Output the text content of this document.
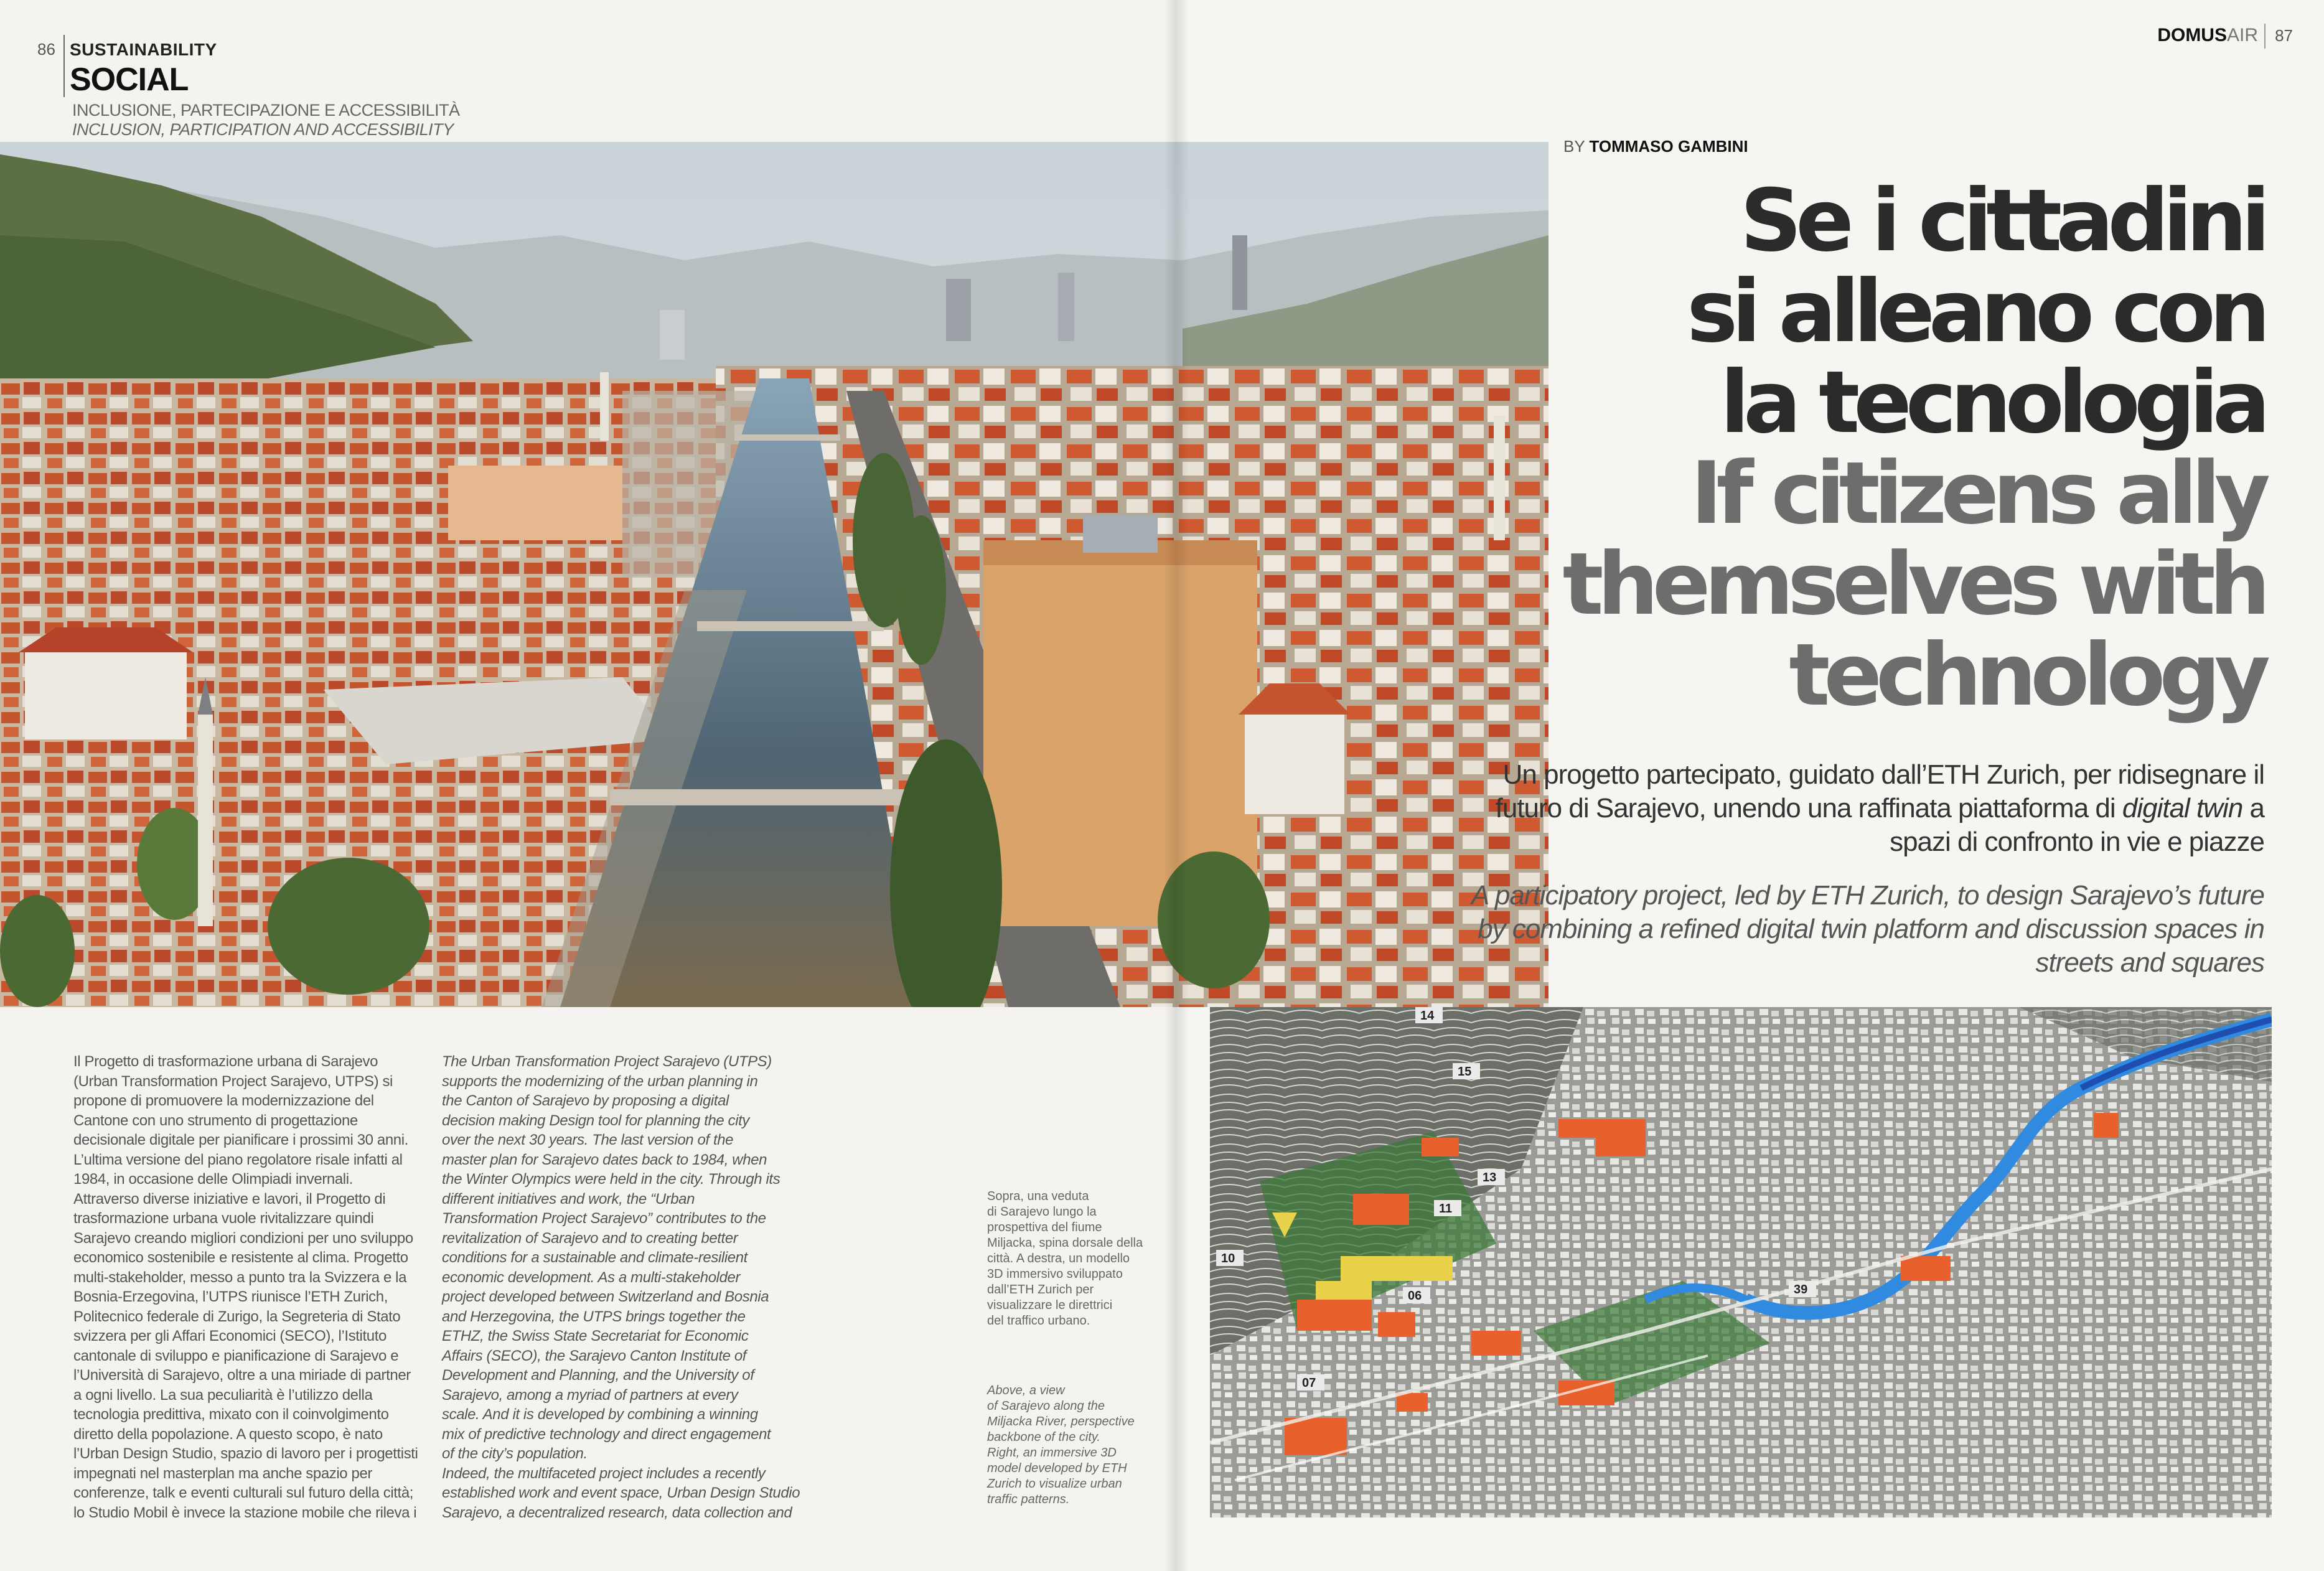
86 SUSTAINABILITY
SOCIAL
INCLUSIONE, PARTECIPAZIONE E ACCESSIBILITÀ
INCLUSION, PARTICIPATION AND ACCESSIBILITY
DOMUSAIR 87
BY TOMMASO GAMBINI
Se i cittadini
si alleano con
la tecnologia
If citizens ally
themselves with
technology
Un progetto partecipato, guidato dall’ETH Zurich, per ridisegnare il futuro di Sarajevo, unendo una raffinata piattaforma di digital twin a spazi di confronto in vie e piazze
A participatory project, led by ETH Zurich, to design Sarajevo’s future by combining a refined digital twin platform and discussion spaces in streets and squares
14
15
13
11
10
06
07
39
Il Progetto di trasformazione urbana di Sarajevo
(Urban Transformation Project Sarajevo, UTPS) si
propone di promuovere la modernizzazione del
Cantone con uno strumento di progettazione
decisionale digitale per pianificare i prossimi 30 anni.
L’ultima versione del piano regolatore risale infatti al
1984, in occasione delle Olimpiadi invernali.
Attraverso diverse iniziative e lavori, il Progetto di
trasformazione urbana vuole rivitalizzare quindi
Sarajevo creando migliori condizioni per uno sviluppo
economico sostenibile e resistente al clima. Progetto
multi-stakeholder, messo a punto tra la Svizzera e la
Bosnia-Erzegovina, l’UTPS riunisce l’ETH Zurich,
Politecnico federale di Zurigo, la Segreteria di Stato
svizzera per gli Affari Economici (SECO), l’Istituto
cantonale di sviluppo e pianificazione di Sarajevo e
l’Università di Sarajevo, oltre a una miriade di partner
a ogni livello. La sua peculiarità è l’utilizzo della
tecnologia predittiva, mixato con il coinvolgimento
diretto della popolazione. A questo scopo, è nato
l’Urban Design Studio, spazio di lavoro per i progettisti
impegnati nel masterplan ma anche spazio per
conferenze, talk e eventi culturali sul futuro della città;
lo Studio Mobil è invece la stazione mobile che rileva i
The Urban Transformation Project Sarajevo (UTPS)
supports the modernizing of the urban planning in
the Canton of Sarajevo by proposing a digital
decision making Design tool for planning the city
over the next 30 years. The last version of the
master plan for Sarajevo dates back to 1984, when
the Winter Olympics were held in the city. Through its
different initiatives and work, the “Urban
Transformation Project Sarajevo” contributes to the
revitalization of Sarajevo and to creating better
conditions for a sustainable and climate-resilient
economic development. As a multi-stakeholder
project developed between Switzerland and Bosnia
and Herzegovina, the UTPS brings together the
ETHZ, the Swiss State Secretariat for Economic
Affairs (SECO), the Sarajevo Canton Institute of
Development and Planning, and the University of
Sarajevo, among a myriad of partners at every
scale. And it is developed by combining a winning
mix of predictive technology and direct engagement
of the city’s population.
Indeed, the multifaceted project includes a recently
established work and event space, Urban Design Studio
Sarajevo, a decentralized research, data collection and
Sopra, una veduta
di Sarajevo lungo la
prospettiva del fiume
Miljacka, spina dorsale della
città. A destra, un modello
3D immersivo sviluppato
dall’ETH Zurich per
visualizzare le direttrici
del traffico urbano.
Above, a view
of Sarajevo along the
Miljacka River, perspective
backbone of the city.
Right, an immersive 3D
model developed by ETH
Zurich to visualize urban
traffic patterns.
